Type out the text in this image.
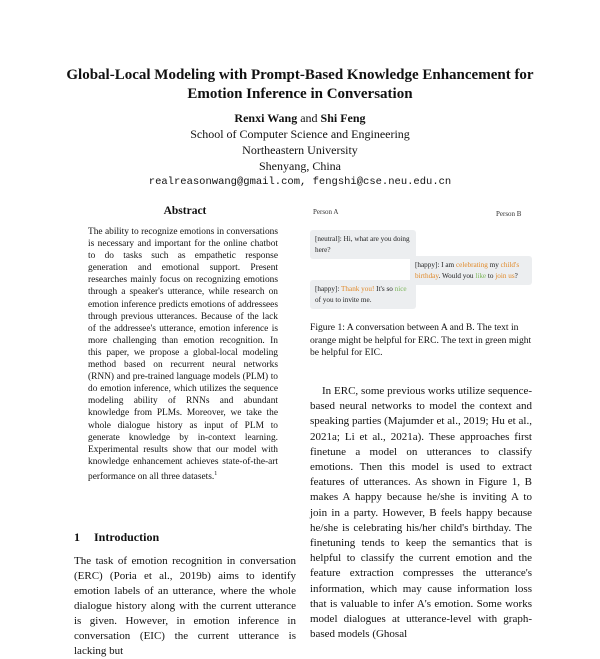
Global-Local Modeling with Prompt-Based Knowledge Enhancement for
Emotion Inference in Conversation
Renxi Wang and Shi Feng
School of Computer Science and Engineering
Northeastern University
Shenyang, China
realreasonwang@gmail.com, fengshi@cse.neu.edu.cn
Abstract
The ability to recognize emotions in conversations is necessary and important for the online chatbot to do tasks such as empathetic response generation and emotional support. Present researches mainly focus on recognizing emotions through a speaker's utterance, while research on emotion inference predicts emotions of addressees through previous utterances. Because of the lack of the addressee's utterance, emotion inference is more challenging than emotion recognition. In this paper, we propose a global-local modeling method based on recurrent neural networks (RNN) and pre-trained language models (PLM) to do emotion inference, which utilizes the sequence modeling ability of RNNs and abundant knowledge from PLMs. Moreover, we take the whole dialogue history as input of PLM to generate knowledge by in-context learning. Experimental results show that our model with knowledge enhancement achieves state-of-the-art performance on all three datasets.$^1$
1 Introduction
The task of emotion recognition in conversation (ERC) (Poria et al., 2019b) aims to identify emotion labels of an utterance, where the whole dialogue history along with the current utterance is given. However, in emotion inference in conversation (EIC) the current utterance is lacking but
Person A	Person B
[neutral]: Hi, what are you doing here?
[happy]: I am celebrating my child's birthday. Would you like to join us?
[happy]: Thank you! It's so nice of you to invite me.
Figure 1: A conversation between A and B. The text in orange might be helpful for ERC. The text in green might be helpful for EIC.
In ERC, some previous works utilize sequence-based neural networks to model the context and speaking parties (Majumder et al., 2019; Hu et al., 2021a; Li et al., 2021a). These approaches first finetune a model on utterances to classify emotions. Then this model is used to extract features of utterances. As shown in Figure 1, B makes A happy because he/she is inviting A to join in a party. However, B feels happy because he/she is celebrating his/her child's birthday. The finetuning tends to keep the semantics that is helpful to classify the current emotion and the feature extraction compresses the utterance's information, which may cause information loss that is valuable to infer A's emotion. Some works model dialogues at utterance-level with graph-based models (Ghosal
